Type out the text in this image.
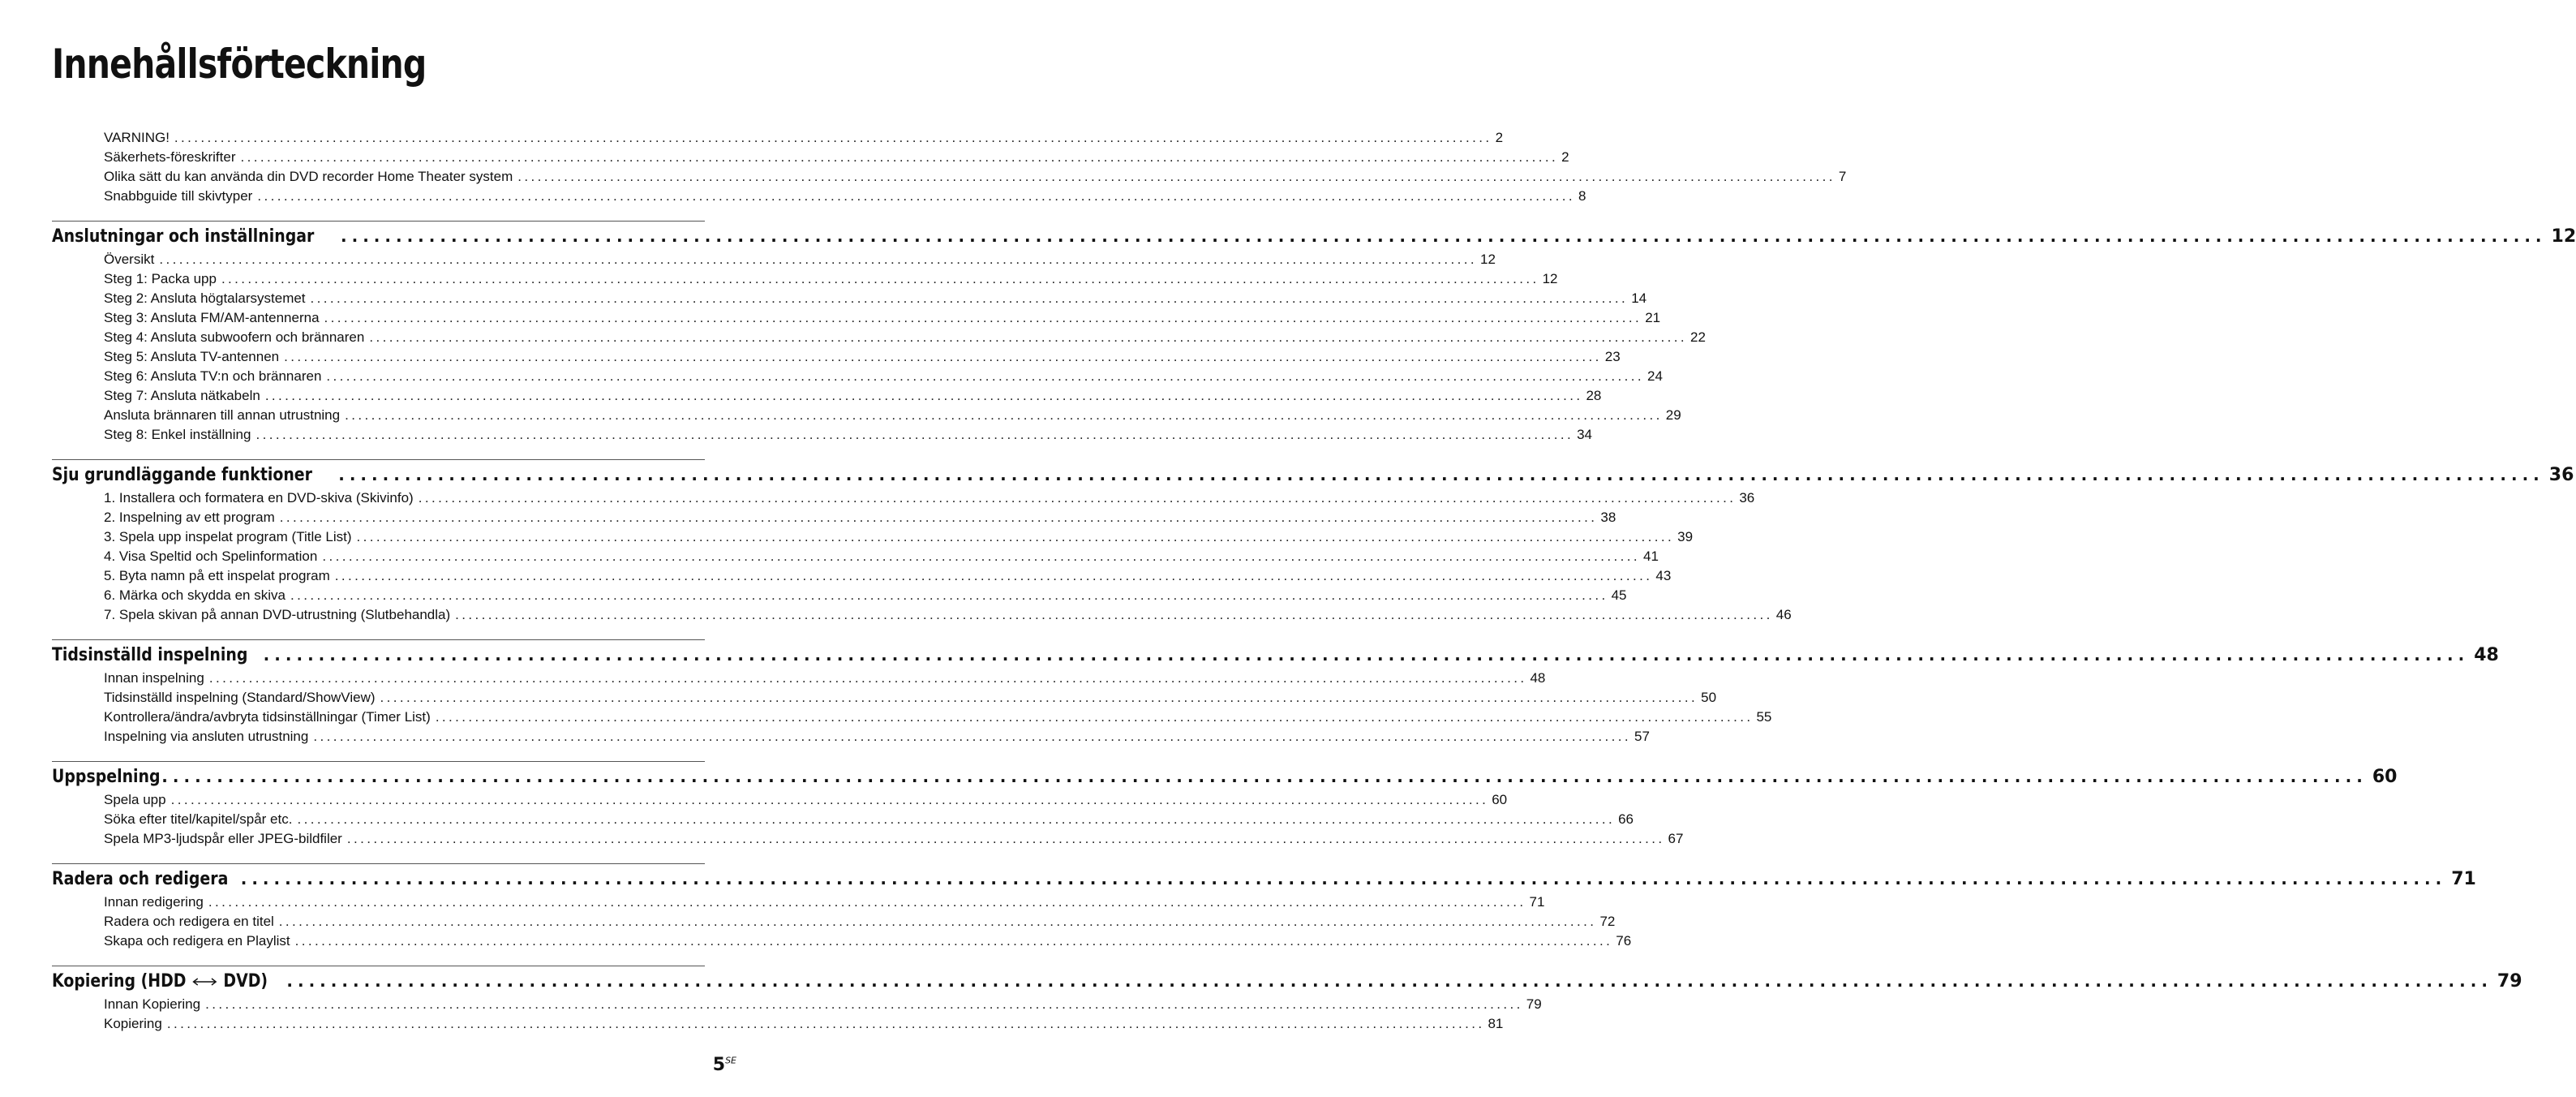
Innehållsförteckning
VARNING! ........................................................................................................................................................................................................ 2
Säkerhets-föreskrifter ........................................................................................................................................................................................................ 2
Olika sätt du kan använda din DVD recorder Home Theater system ........................................................................................................................................................................................................ 7
Snabbguide till skivtyper ........................................................................................................................................................................................................ 8
Anslutningar och inställningar ........................................................................................................................................................................................................ 12
Översikt ........................................................................................................................................................................................................ 12
Steg 1: Packa upp ........................................................................................................................................................................................................ 12
Steg 2: Ansluta högtalarsystemet ........................................................................................................................................................................................................ 14
Steg 3: Ansluta FM/AM-antennerna ........................................................................................................................................................................................................ 21
Steg 4: Ansluta subwoofern och brännaren ........................................................................................................................................................................................................ 22
Steg 5: Ansluta TV-antennen ........................................................................................................................................................................................................ 23
Steg 6: Ansluta TV:n och brännaren ........................................................................................................................................................................................................ 24
Steg 7: Ansluta nätkabeln ........................................................................................................................................................................................................ 28
Ansluta brännaren till annan utrustning ........................................................................................................................................................................................................ 29
Steg 8: Enkel inställning ........................................................................................................................................................................................................ 34
Sju grundläggande funktioner ........................................................................................................................................................................................................ 36
1. Installera och formatera en DVD-skiva (Skivinfo) ........................................................................................................................................................................................................ 36
2. Inspelning av ett program ........................................................................................................................................................................................................ 38
3. Spela upp inspelat program (Title List) ........................................................................................................................................................................................................ 39
4. Visa Speltid och Spelinformation ........................................................................................................................................................................................................ 41
5. Byta namn på ett inspelat program ........................................................................................................................................................................................................ 43
6. Märka och skydda en skiva ........................................................................................................................................................................................................ 45
7. Spela skivan på annan DVD-utrustning (Slutbehandla) ........................................................................................................................................................................................................ 46
Tidsinställd inspelning ........................................................................................................................................................................................................ 48
Innan inspelning ........................................................................................................................................................................................................ 48
Tidsinställd inspelning (Standard/ShowView) ........................................................................................................................................................................................................ 50
Kontrollera/ändra/avbryta tidsinställningar (Timer List) ........................................................................................................................................................................................................ 55
Inspelning via ansluten utrustning ........................................................................................................................................................................................................ 57
Uppspelning ........................................................................................................................................................................................................ 60
Spela upp ........................................................................................................................................................................................................ 60
Söka efter titel/kapitel/spår etc. ........................................................................................................................................................................................................ 66
Spela MP3-ljudspår eller JPEG-bildfiler ........................................................................................................................................................................................................ 67
Radera och redigera ........................................................................................................................................................................................................ 71
Innan redigering ........................................................................................................................................................................................................ 71
Radera och redigera en titel ........................................................................................................................................................................................................ 72
Skapa och redigera en Playlist ........................................................................................................................................................................................................ 76
Kopiering (HDD DVD) ........................................................................................................................................................................................................ 79
Innan Kopiering ........................................................................................................................................................................................................ 79
Kopiering ........................................................................................................................................................................................................ 81
$5^{SE}$
